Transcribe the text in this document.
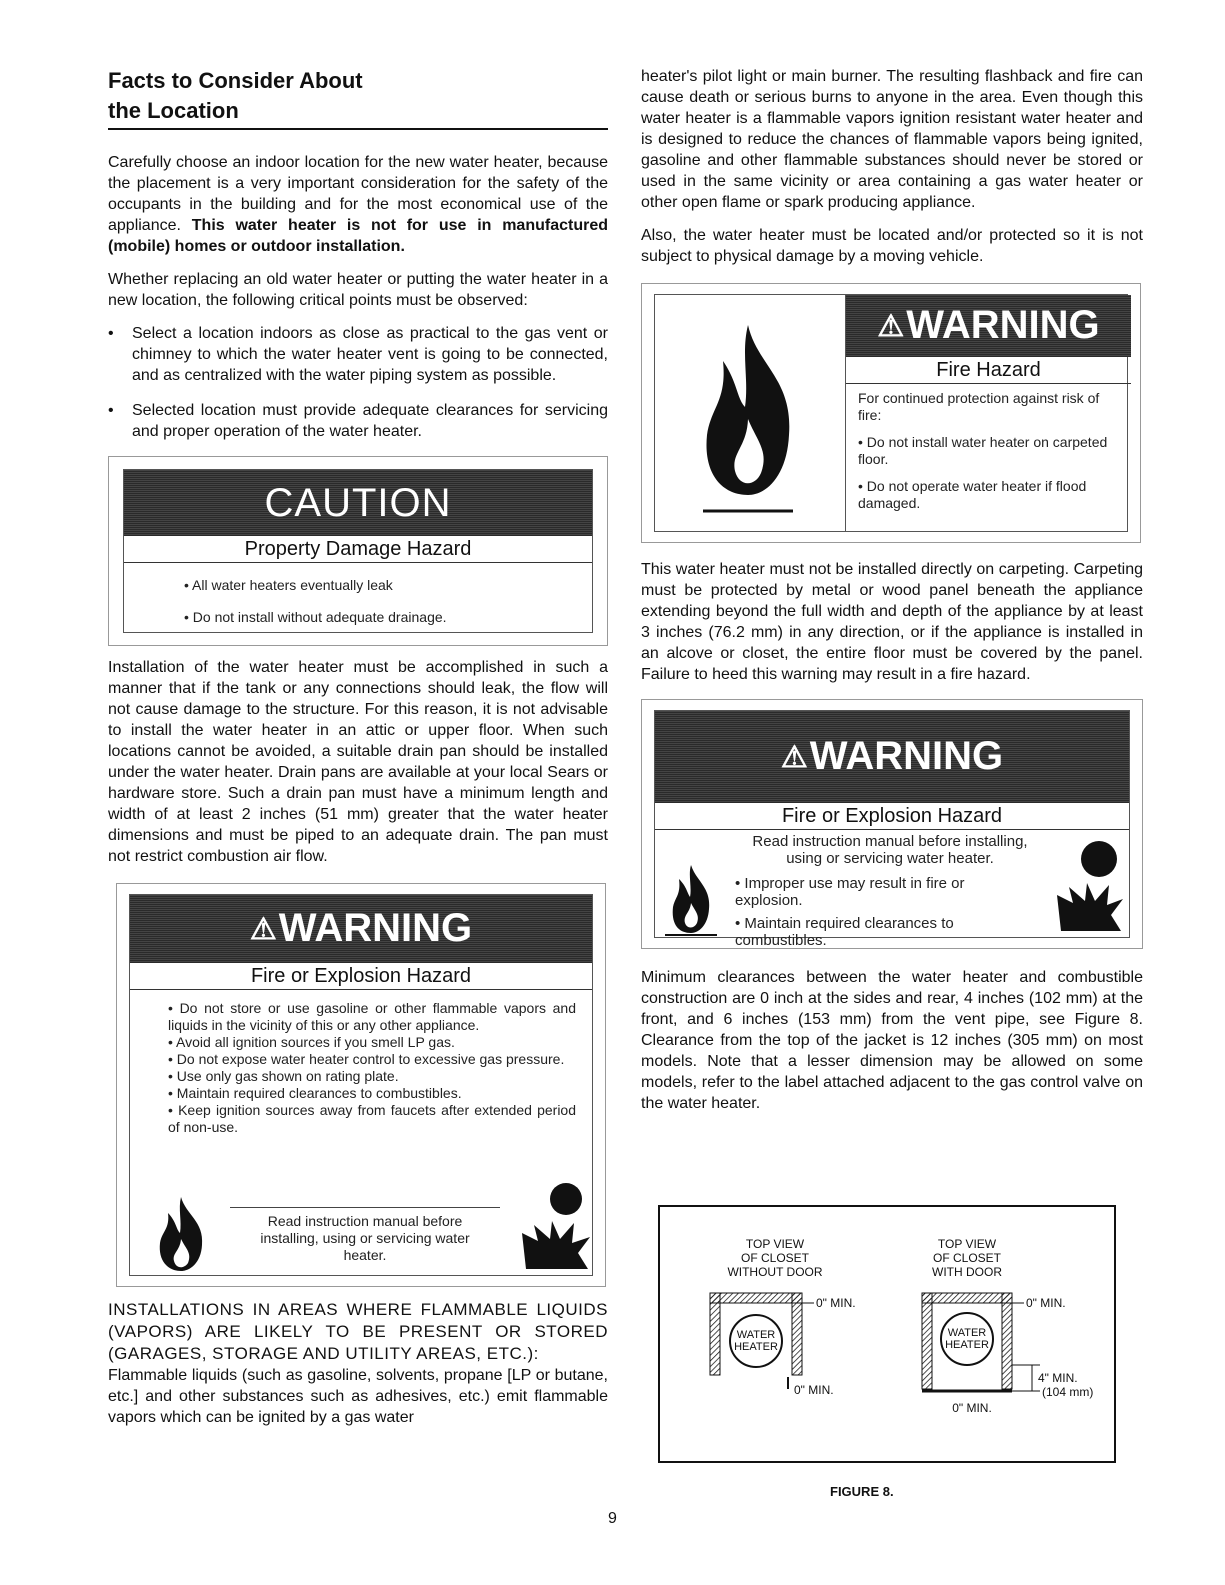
Facts to Consider About
the Location

Carefully choose an indoor location for the new water heater, because the placement is a very important consideration for the safety of the occupants in the building and for the most economical use of the appliance. This water heater is not for use in manufactured (mobile) homes or outdoor installation.

Whether replacing an old water heater or putting the water heater in a new location, the following critical points must be observed:

• Select a location indoors as close as practical to the gas vent or chimney to which the water heater vent is going to be connected, and as centralized with the water piping system as possible.
• Selected location must provide adequate clearances for servicing and proper operation of the water heater.
CAUTION
Property Damage Hazard
• All water heaters eventually leak
• Do not install without adequate drainage.

Installation of the water heater must be accomplished in such a manner that if the tank or any connections should leak, the flow will not cause damage to the structure. For this reason, it is not advisable to install the water heater in an attic or upper floor. When such locations cannot be avoided, a suitable drain pan should be installed under the water heater. Drain pans are available at your local Sears or hardware store. Such a drain pan must have a minimum length and width of at least 2 inches (51 mm) greater that the water heater dimensions and must be piped to an adequate drain. The pan must not restrict combustion air flow.

⚠WARNING
Fire or Explosion Hazard
• Do not store or use gasoline or other flammable vapors and liquids in the vicinity of this or any other appliance.
• Avoid all ignition sources if you smell LP gas.
• Do not expose water heater control to excessive gas pressure.
• Use only gas shown on rating plate.
• Maintain required clearances to combustibles.
• Keep ignition sources away from faucets after extended period of non-use.
Read instruction manual before installing, using or servicing water heater.
INSTALLATIONS IN AREAS WHERE FLAMMABLE LIQUIDS (VAPORS) ARE LIKELY TO BE PRESENT OR STORED (GARAGES, STORAGE AND UTILITY AREAS, ETC.):

Flammable liquids (such as gasoline, solvents, propane [LP or butane, etc.] and other substances such as adhesives, etc.) emit flammable vapors which can be ignited by a gas water

heater's pilot light or main burner. The resulting flashback and fire can cause death or serious burns to anyone in the area. Even though this water heater is a flammable vapors ignition resistant water heater and is designed to reduce the chances of flammable vapors being ignited, gasoline and other flammable substances should never be stored or used in the same vicinity or area containing a gas water heater or other open flame or spark producing appliance.

Also, the water heater must be located and/or protected so it is not subject to physical damage by a moving vehicle.

⚠WARNING
Fire Hazard
For continued protection against risk of fire:
• Do not install water heater on carpeted floor.
• Do not operate water heater if flood damaged.

This water heater must not be installed directly on carpeting. Carpeting must be protected by metal or wood panel beneath the appliance extending beyond the full width and depth of the appliance by at least 3 inches (76.2 mm) in any direction, or if the appliance is installed in an alcove or closet, the entire floor must be covered by the panel. Failure to heed this warning may result in a fire hazard.

⚠WARNING
Fire or Explosion Hazard
Read instruction manual before installing, using or servicing water heater.
• Improper use may result in fire or explosion.
• Maintain required clearances to combustibles.

Minimum clearances between the water heater and combustible construction are 0 inch at the sides and rear, 4 inches (102 mm) at the front, and 6 inches (153 mm) from the vent pipe, see Figure 8. Clearance from the top of the jacket is 12 inches (305 mm) on most models. Note that a lesser dimension may be allowed on some models, refer to the label attached adjacent to the gas control valve on the water heater.

TOP VIEW
OF CLOSET
WITHOUT DOOR
TOP VIEW
OF CLOSET
WITH DOOR
WATER
HEATER
WATER
HEATER
0" MIN.
0" MIN.
0" MIN.
4" MIN.
(104 mm)
0" MIN.
FIGURE 8.
9
